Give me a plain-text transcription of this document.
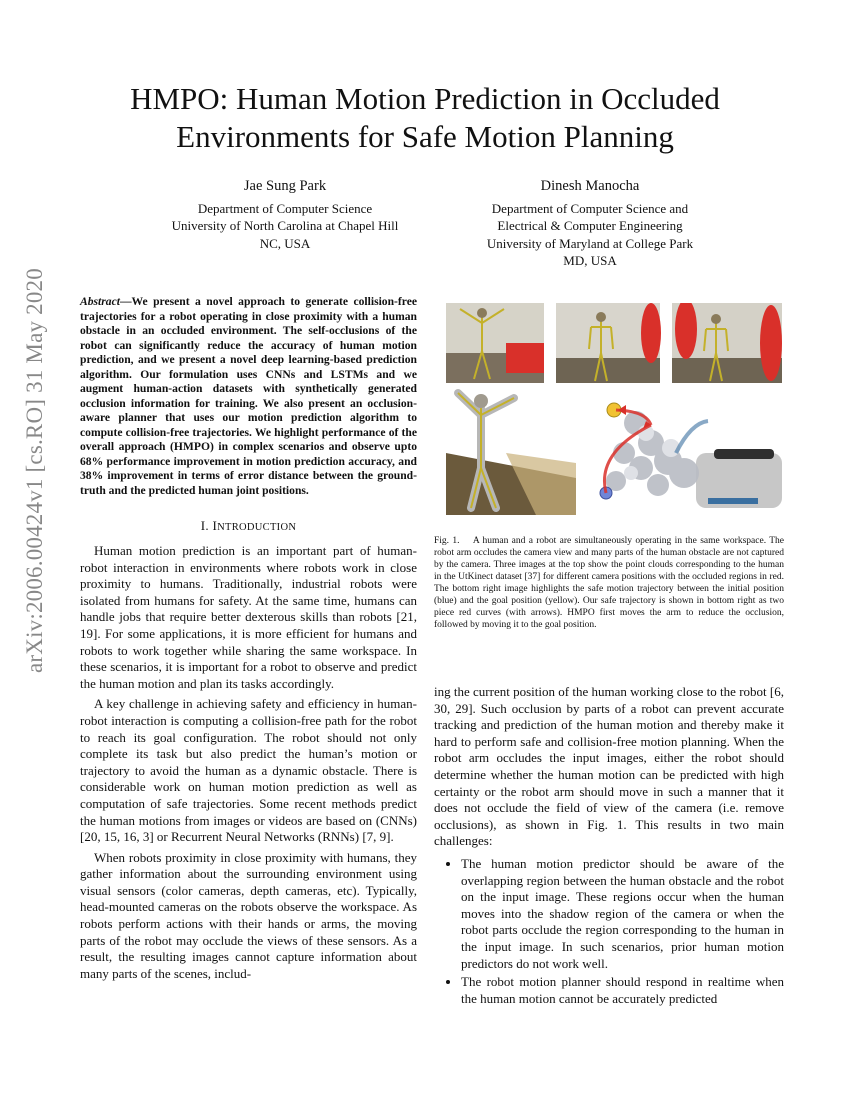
HMPO: Human Motion Prediction in Occluded Environments for Safe Motion Planning
Jae Sung Park
Department of Computer Science
University of North Carolina at Chapel Hill
NC, USA
Dinesh Manocha
Department of Computer Science and
Electrical & Computer Engineering
University of Maryland at College Park
MD, USA
arXiv:2006.00424v1 [cs.RO] 31 May 2020	Abstract—We present a novel approach to generate collision-free trajectories for a robot operating in close proximity with a human obstacle in an occluded environment. The self-occlusions of the robot can significantly reduce the accuracy of human motion prediction, and we present a novel deep learning-based prediction algorithm. Our formulation uses CNNs and LSTMs and we augment human-action datasets with synthetically generated occlusion information for training. We also present an occlusion-aware planner that uses our motion prediction algorithm to compute collision-free trajectories. We highlight performance of the overall approach (HMPO) in complex scenarios and observe upto 68% performance improvement in motion prediction accuracy, and 38% improvement in terms of error distance between the ground-truth and the predicted human joint positions.
I. INTRODUCTION

Human motion prediction is an important part of human-robot interaction in environments where robots work in close proximity to humans. Traditionally, industrial robots were isolated from humans for safety. At the same time, humans can handle jobs that require better dexterous skills than robots [21, 19]. For some applications, it is more efficient for humans and robots to work together while sharing the same workspace. In these scenarios, it is important for a robot to observe and predict the human motion and plan its tasks accordingly.

A key challenge in achieving safety and efficiency in human-robot interaction is computing a collision-free path for the robot to reach its goal configuration. The robot should not only complete its task but also predict the human’s motion or trajectory to avoid the human as a dynamic obstacle. There is considerable work on human motion prediction as well as computation of safe trajectories. Some recent methods predict the human motions from images or videos are based on (CNNs) [20, 15, 16, 3] or Recurrent Neural Networks (RNNs) [7, 9].

When robots proximity in close proximity with humans, they gather information about the surrounding environment using visual sensors (color cameras, depth cameras, etc). Typically, head-mounted cameras on the robots observe the workspace. As robots perform actions with their hands or arms, the moving parts of the robot may occlude the views of these sensors. As a result, the resulting images cannot capture information about many parts of the scenes, includ-

Fig. 1. A human and a robot are simultaneously operating in the same workspace. The robot arm occludes the camera view and many parts of the human obstacle are not captured by the camera. Three images at the top show the point clouds corresponding to the human in the UtKinect dataset [37] for different camera positions with the occluded regions in red. The bottom right image highlights the safe motion trajectory between the initial position (blue) and the goal position (yellow). Our safe trajectory is shown in bottom right as two piece red curves (with arrows). HMPO first moves the arm to reduce the occlusion, followed by moving it to the goal position.

ing the current position of the human working close to the robot [6, 30, 29]. Such occlusion by parts of a robot can prevent accurate tracking and prediction of the human motion and thereby make it hard to perform safe and collision-free motion planning. When the robot arm occludes the input images, either the robot should determine whether the human motion can be predicted with high certainty or the robot arm should move in such a manner that it does not occlude the field of view of the camera (i.e. remove occlusions), as shown in Fig. 1. This results in two main challenges:

• The human motion predictor should be aware of the overlapping region between the human obstacle and the robot on the input image. These regions occur when the human moves into the shadow region of the camera or when the robot parts occlude the region corresponding to the human in the input image. In such scenarios, prior human motion predictors do not work well.
• The robot motion planner should respond in realtime when the human motion cannot be accurately predicted
